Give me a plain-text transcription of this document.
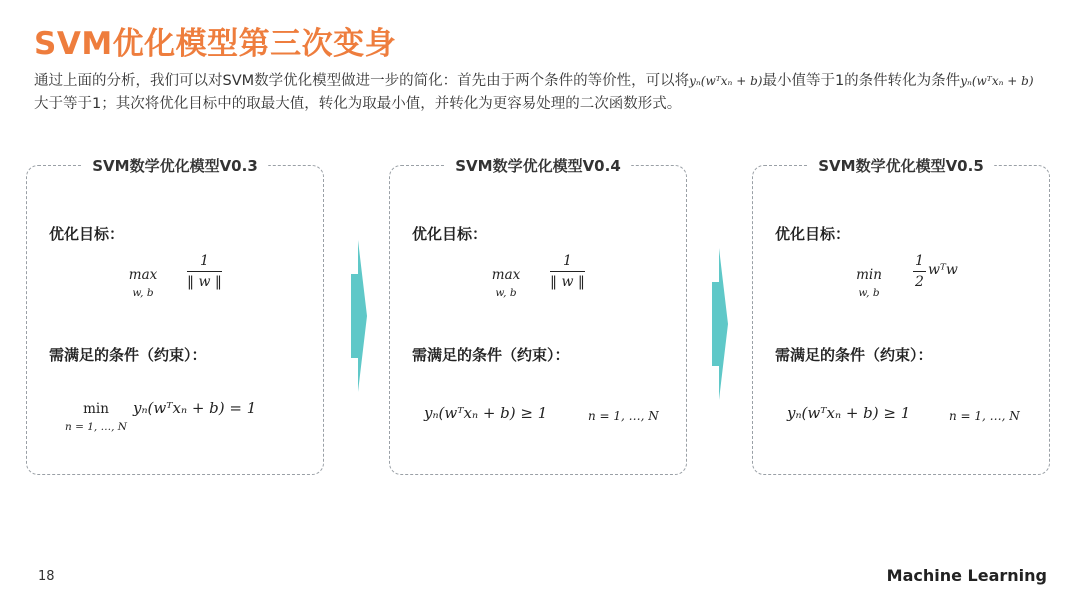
SVM优化模型第三次变身
通过上面的分析，我们可以对SVM数学优化模型做进一步的简化：首先由于两个条件的等价性，可以将yₙ(wᵀxₙ + b)最小值等于1的条件转化为条件yₙ(wᵀxₙ + b)大于等于1；其次将优化目标中的取最大值，转化为取最小值，并转化为更容易处理的二次函数形式。
SVM数学优化模型V0.3
优化目标：
max
w, b
$\frac{1}{‖ w ‖}$
需满足的条件（约束）：
min
n = 1, …, N
yₙ(wᵀxₙ + b) = 1
SVM数学优化模型V0.4
优化目标：
max
w, b
$\frac{1}{‖ w ‖}$
需满足的条件（约束）：
yₙ(wᵀxₙ + b) ≥ 1	n = 1, …, N
SVM数学优化模型V0.5
优化目标：
min
w, b
$\frac{1}{2}$ wᵀw
需满足的条件（约束）：
yₙ(wᵀxₙ + b) ≥ 1	n = 1, …, N
18	Machine Learning
